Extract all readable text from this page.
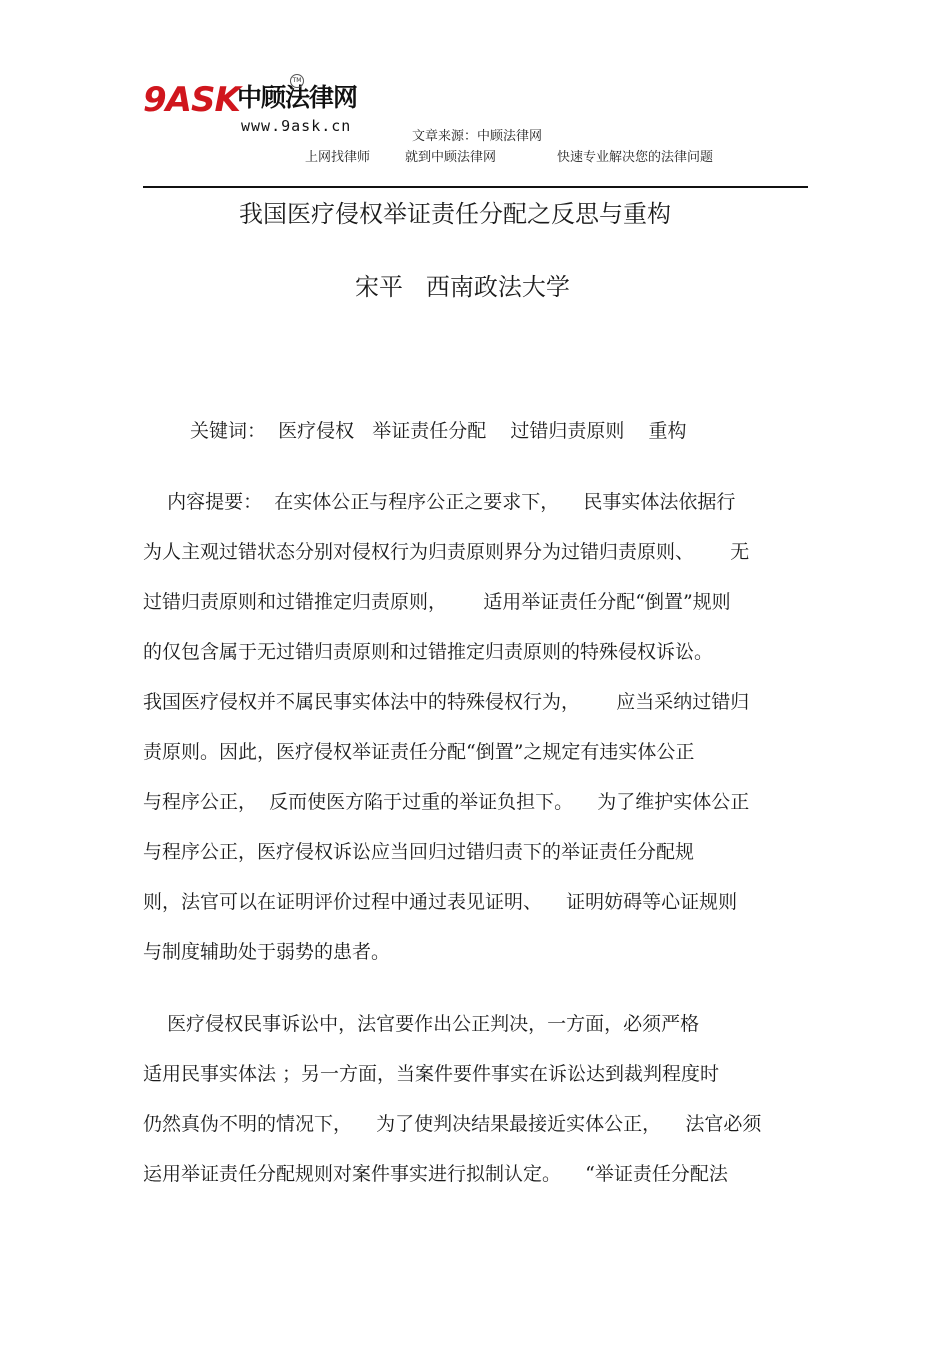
9ASK
中顾法律网
TM
www.9ask.cn
文章来源：中顾法律网
上网找律师	就到中顾法律网	快速专业解决您的法律问题
我国医疗侵权举证责任分配之反思与重构
宋平   西南政法大学
关键词：  医疗侵权   举证责任分配    过错归责原则    重构
内容提要：  在实体公正与程序公正之要求下，    民事实体法依据行
为人主观过错状态分别对侵权行为归责原则界分为过错归责原则、      无
过错归责原则和过错推定归责原则，      适用举证责任分配“倒置”规则
的仅包含属于无过错归责原则和过错推定归责原则的特殊侵权诉讼。
我国医疗侵权并不属民事实体法中的特殊侵权行为，      应当采纳过错归
责原则。因此，医疗侵权举证责任分配“倒置”之规定有违实体公正
与程序公正，  反而使医方陷于过重的举证负担下。    为了维护实体公正
与程序公正，医疗侵权诉讼应当回归过错归责下的举证责任分配规
则，法官可以在证明评价过程中通过表见证明、    证明妨碍等心证规则
与制度辅助处于弱势的患者。
医疗侵权民事诉讼中，法官要作出公正判决，一方面，必须严格
适用民事实体法 ；另一方面，当案件要件事实在诉讼达到裁判程度时
仍然真伪不明的情况下，    为了使判决结果最接近实体公正，    法官必须
运用举证责任分配规则对案件事实进行拟制认定。    “举证责任分配法
